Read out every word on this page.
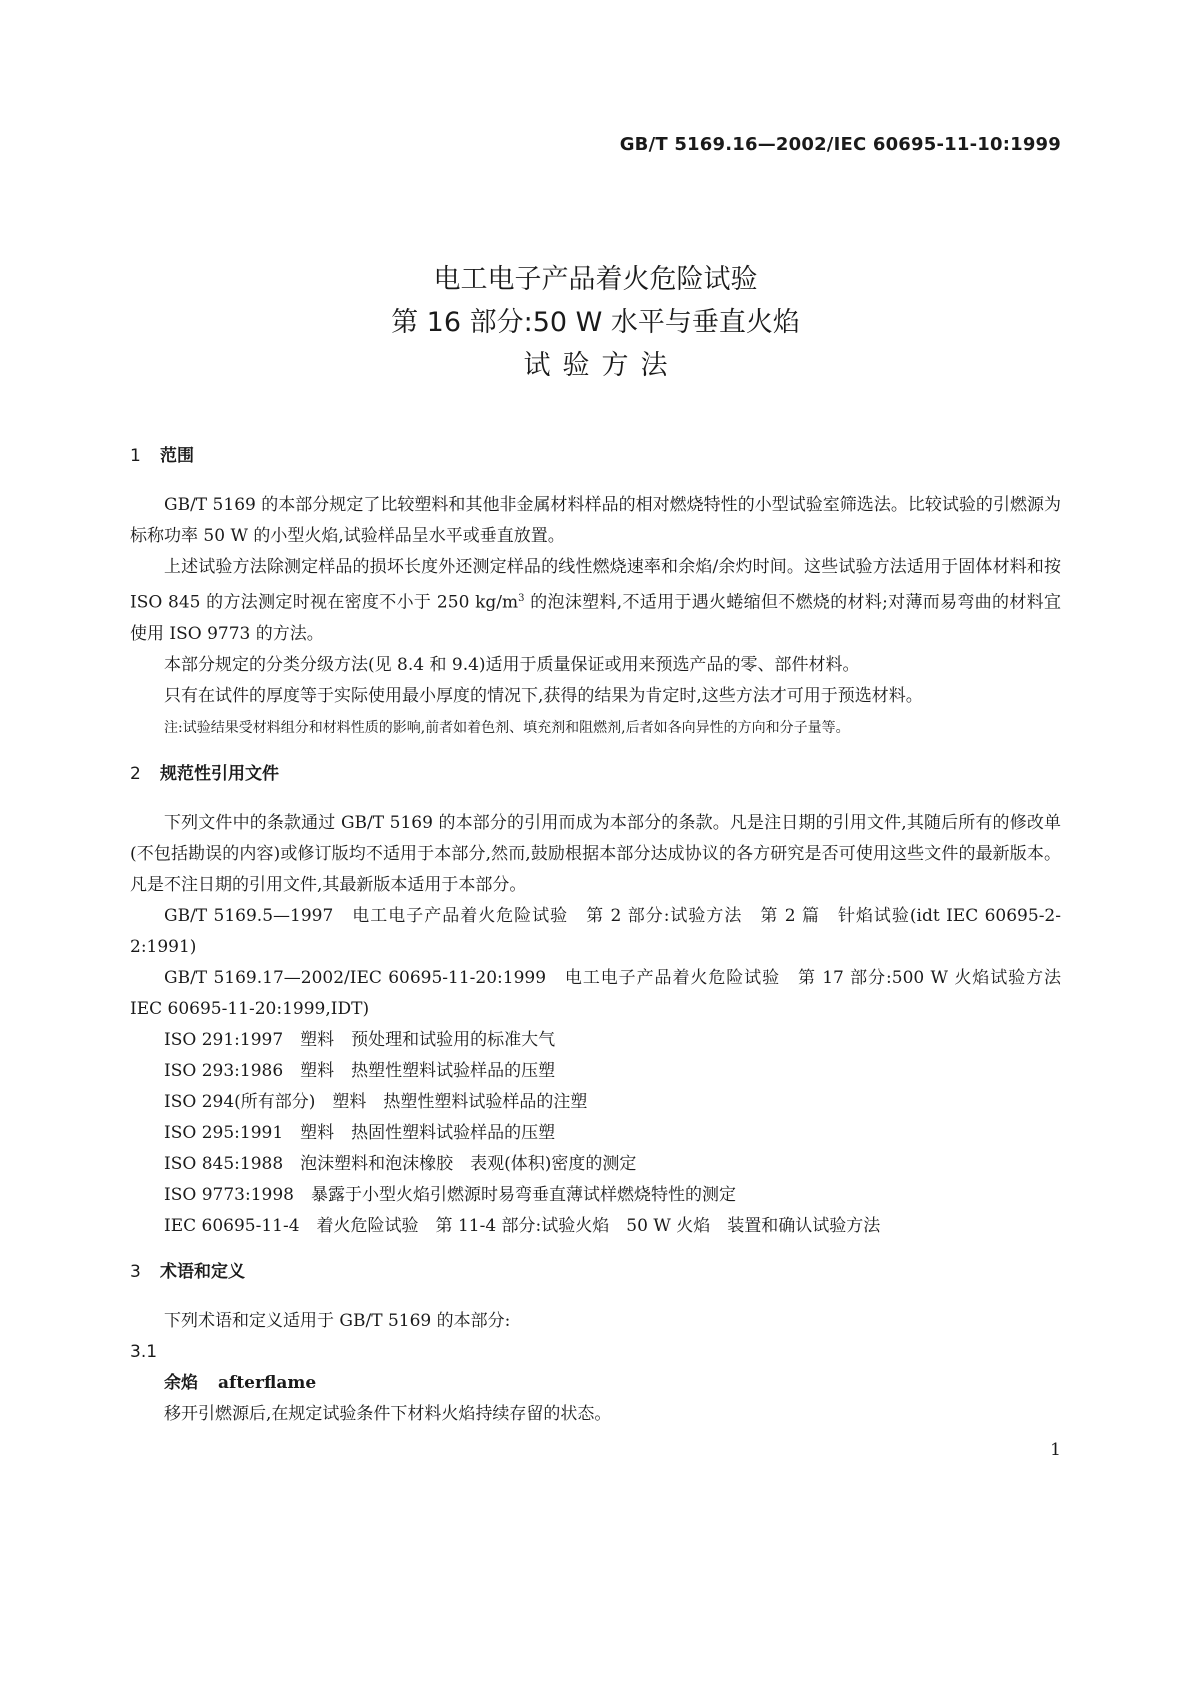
GB/T 5169.16—2002/IEC 60695-11-10:1999
电工电子产品着火危险试验
第 16 部分:50 W 水平与垂直火焰
试验方法
1 范围

GB/T 5169 的本部分规定了比较塑料和其他非金属材料样品的相对燃烧特性的小型试验室筛选法。比较试验的引燃源为标称功率 50 W 的小型火焰,试验样品呈水平或垂直放置。

上述试验方法除测定样品的损坏长度外还测定样品的线性燃烧速率和余焰/余灼时间。这些试验方法适用于固体材料和按 ISO 845 的方法测定时视在密度不小于 250 $kg/m^3$ 的泡沫塑料,不适用于遇火蜷缩但不燃烧的材料;对薄而易弯曲的材料宜使用 ISO 9773 的方法。

本部分规定的分类分级方法(见 8.4 和 9.4)适用于质量保证或用来预选产品的零、部件材料。

只有在试件的厚度等于实际使用最小厚度的情况下,获得的结果为肯定时,这些方法才可用于预选材料。

注:试验结果受材料组分和材料性质的影响,前者如着色剂、填充剂和阻燃剂,后者如各向异性的方向和分子量等。
2 规范性引用文件

下列文件中的条款通过 GB/T 5169 的本部分的引用而成为本部分的条款。凡是注日期的引用文件,其随后所有的修改单(不包括勘误的内容)或修订版均不适用于本部分,然而,鼓励根据本部分达成协议的各方研究是否可使用这些文件的最新版本。凡是不注日期的引用文件,其最新版本适用于本部分。

GB/T 5169.5—1997　电工电子产品着火危险试验　第 2 部分:试验方法　第 2 篇　针焰试验(idt IEC 60695-2-2:1991)

GB/T 5169.17—2002/IEC 60695-11-20:1999　电工电子产品着火危险试验　第 17 部分:500 W 火焰试验方法　IEC 60695-11-20:1999,IDT)

ISO 291:1997　塑料　预处理和试验用的标准大气

ISO 293:1986　塑料　热塑性塑料试验样品的压塑

ISO 294(所有部分)　塑料　热塑性塑料试验样品的注塑

ISO 295:1991　塑料　热固性塑料试验样品的压塑

ISO 845:1988　泡沫塑料和泡沫橡胶　表观(体积)密度的测定

ISO 9773:1998　暴露于小型火焰引燃源时易弯垂直薄试样燃烧特性的测定

IEC 60695-11-4　着火危险试验　第 11-4 部分:试验火焰　50 W 火焰　装置和确认试验方法

3 术语和定义

下列术语和定义适用于 GB/T 5169 的本部分:

3.1

余焰 afterflame

移开引燃源后,在规定试验条件下材料火焰持续存留的状态。

1
